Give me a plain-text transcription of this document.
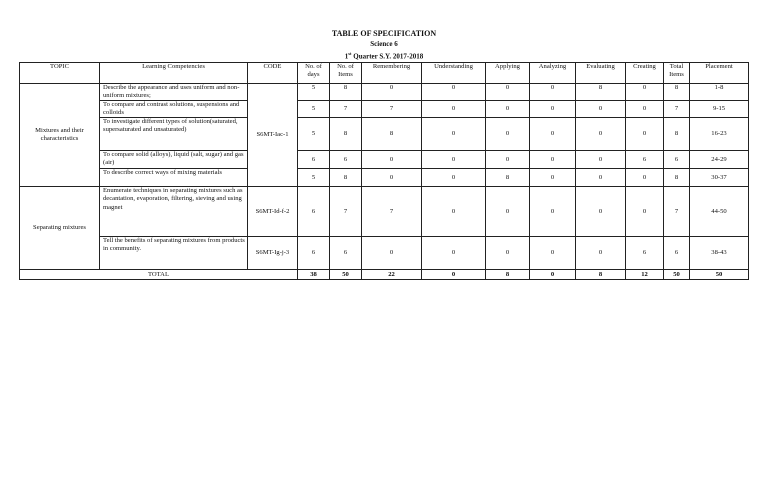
TABLE OF SPECIFICATION
Science 6
1st Quarter S.Y. 2017-2018
TOPIC	Learning Competencies	CODE	No. of days	No. of Items	Remembering	Understanding	Applying	Analyzing	Evaluating	Creating	Total Items	Placement
Mixtures and their characteristics	Describe the appearance and uses uniform and non-uniform mixtures;	S6MT-Iac-1	5	8	0	0	0	0	8	0	8	1-8
	To compare and contrast solutions, suspensions and colloids		5	7	7	0	0	0	0	0	7	9-15
	To investigate different types of solution(saturated, supersaturated and unsaturated)		5	8	8	0	0	0	0	0	8	16-23
	To compare solid (alloys), liquid (salt, sugar) and gas (air)		6	6	0	0	0	0	0	6	6	24-29
	To describe correct ways of mixing materials		5	8	0	0	8	0	0	0	8	30-37
Separating mixtures	Enumerate techniques in separating mixtures such as decantation, evaporation, filtering, sieving and using magnet	S6MT-Id-f-2	6	7	7	0	0	0	0	0	7	44-50
	Tell the benefits of separating mixtures from products in community.	S6MT-Ig-j-3	6	6	0	0	0	0	0	6	6	38-43
TOTAL			38	50	22	0	8	0	8	12	50	50
